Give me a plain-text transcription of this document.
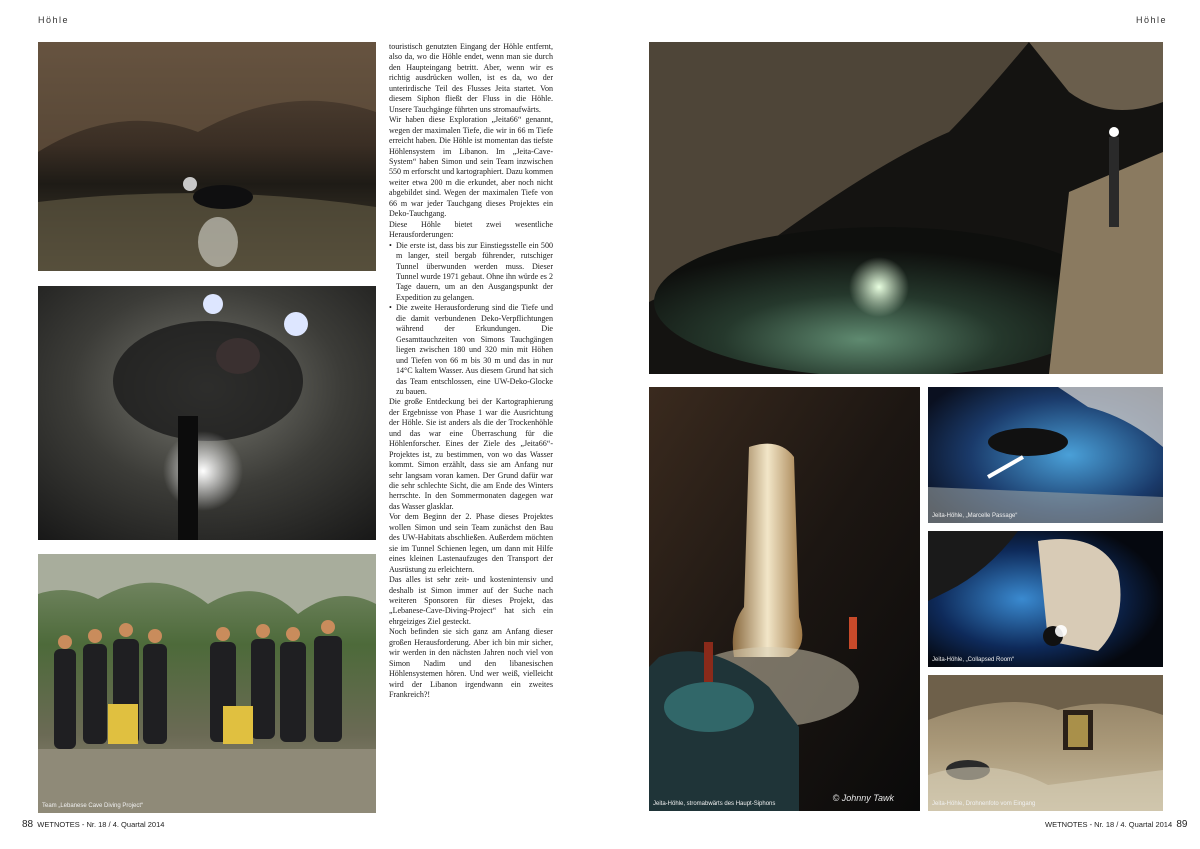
Höhle	Höhle
Team „Lebanese Cave Diving Project“

touristisch genutzten Eingang der Höhle entfernt, also da, wo die Höhle endet, wenn man sie durch den Haupteingang betritt. Aber, wenn wir es richtig ausdrücken wollen, ist es da, wo der unterirdische Teil des Flusses Jeita startet. Von diesem Siphon fließt der Fluss in die Höhle. Unsere Tauchgänge führten uns stromaufwärts.

Wir haben diese Exploration „Jeita66“ genannt, wegen der maximalen Tiefe, die wir in 66 m Tiefe erreicht haben. Die Höhle ist momentan das tiefste Höhlensystem im Libanon. Im „Jeita-Cave-System“ haben Simon und sein Team inzwischen 550 m erforscht und kartographiert. Dazu kommen weiter etwa 200 m die erkundet, aber noch nicht abgebildet sind. Wegen der maximalen Tiefe von 66 m war jeder Tauchgang dieses Projektes ein Deko-Tauchgang.

Diese Höhle bietet zwei wesentliche Herausforderungen:

• Die erste ist, dass bis zur Einstiegsstelle ein 500 m langer, steil bergab führender, rutschiger Tunnel überwunden werden muss. Dieser Tunnel wurde 1971 gebaut. Ohne ihn würde es 2 Tage dauern, um an den Ausgangspunkt der Expedition zu gelangen.
• Die zweite Herausforderung sind die Tiefe und die damit verbundenen Deko-Verpflichtungen während der Erkundungen. Die Gesamttauchzeiten von Simons Tauchgängen liegen zwischen 180 und 320 min mit Höhen und Tiefen von 66 m bis 30 m und das in nur 14°C kaltem Wasser. Aus diesem Grund hat sich das Team entschlossen, eine UW-Deko-Glocke zu bauen.

Die große Entdeckung bei der Kartographierung der Ergebnisse von Phase 1 war die Ausrichtung der Höhle. Sie ist anders als die der Trockenhöhle und das war eine Überraschung für die Höhlenforscher. Eines der Ziele des „Jeita66“-Projektes ist, zu bestimmen, von wo das Wasser kommt. Simon erzählt, dass sie am Anfang nur sehr langsam voran kamen. Der Grund dafür war die sehr schlechte Sicht, die am Ende des Winters herrschte. In den Sommermonaten dagegen war das Wasser glasklar.

Vor dem Beginn der 2. Phase dieses Projektes wollen Simon und sein Team zunächst den Bau des UW-Habitats abschließen. Außerdem möchten sie im Tunnel Schienen legen, um dann mit Hilfe eines kleinen Lastenaufzuges den Transport der Ausrüstung zu erleichtern.

Das alles ist sehr zeit- und kostenintensiv und deshalb ist Simon immer auf der Suche nach weiteren Sponsoren für dieses Projekt, das „Lebanese-Cave-Diving-Project“ hat sich ein ehrgeiziges Ziel gesteckt.

Noch befinden sie sich ganz am Anfang dieser großen Herausforderung. Aber ich bin mir sicher, wir werden in den nächsten Jahren noch viel von Simon Nadim und den libanesischen Höhlensystemen hören. Und wer weiß, vielleicht wird der Libanon irgendwann ein zweites Frankreich?!

88 WETNOTES - Nr. 18 / 4. Quartal 2014	WETNOTES - Nr. 18 / 4. Quartal 2014 89
Jeita-Höhle, stromabwärts des Haupt-Siphons
© Johnny Tawk
Jeita-Höhle, „Marcelle Passage“
Jeita-Höhle, „Collapsed Room“
Jeita-Höhle, Drohnenfoto vom Eingang
